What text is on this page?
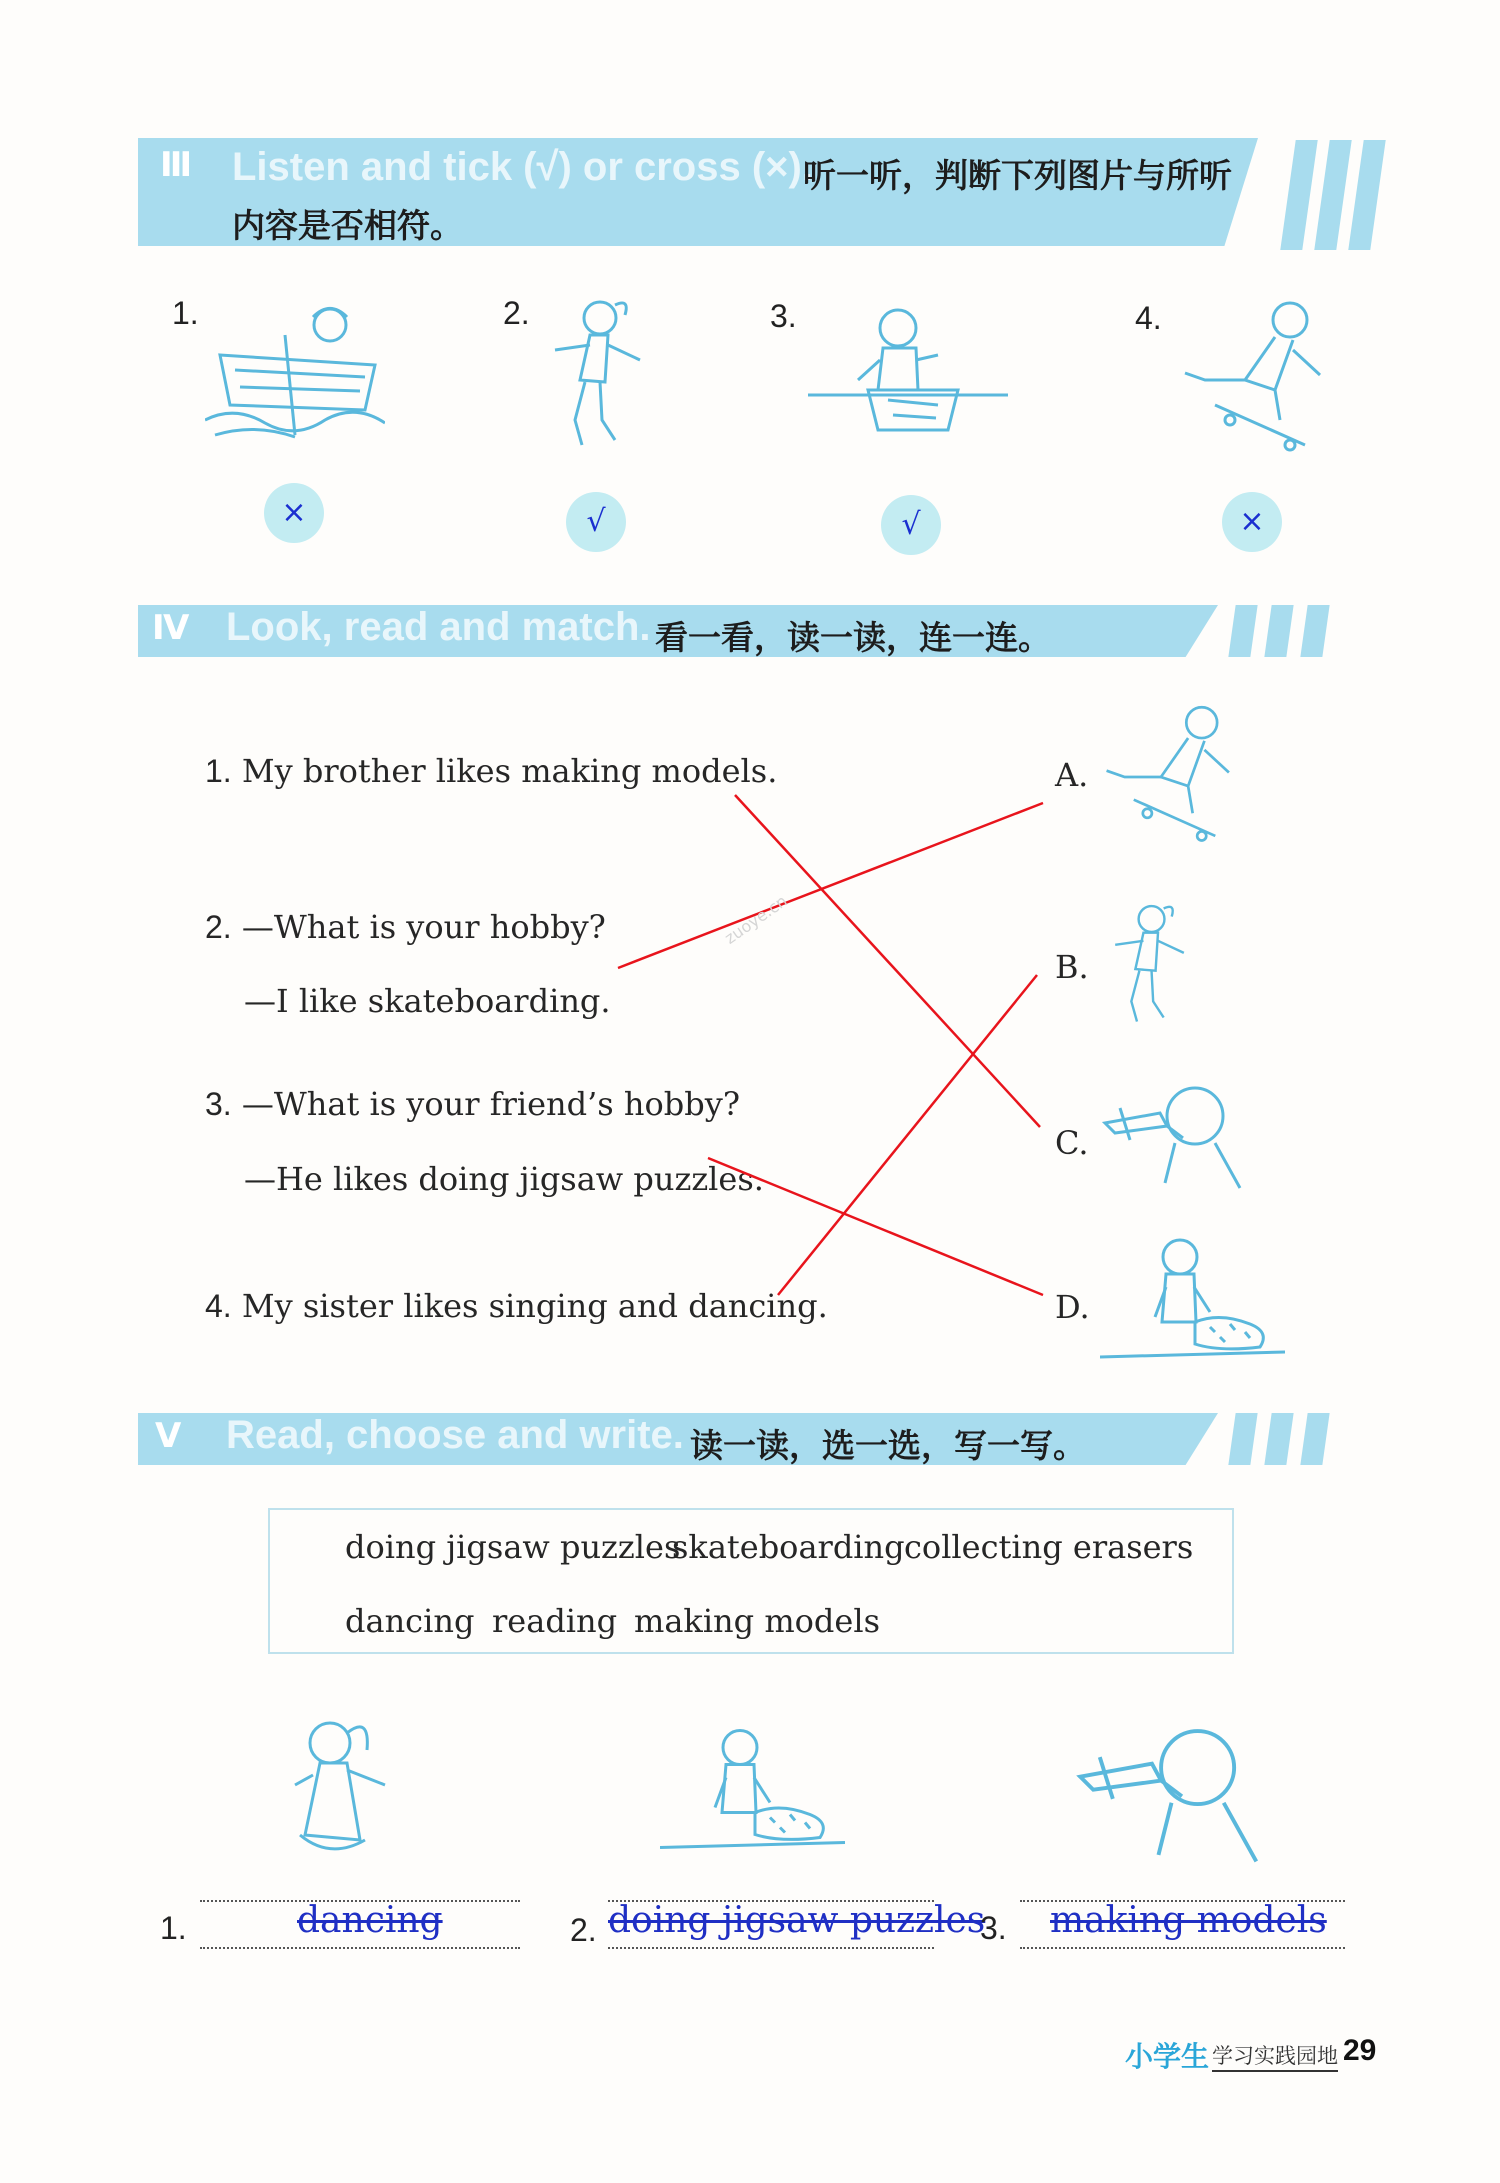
Ⅲ Listen and tick (√) or cross (×).
听一听，判断下列图片与所听
内容是否相符。
1.	2.	3.	4.
×	√	√	×
Ⅳ Look, read and match. 看一看，读一读，连一连。
1. My brother likes making models.
2. —What is your hobby?
—I like skateboarding.
3. —What is your friend’s hobby?
—He likes doing jigsaw puzzles.
4. My sister likes singing and dancing.
A.
B.
C.
D.
zuoye.cn
Ⅴ Read, choose and write. 读一读，选一选，写一写。
doing jigsaw puzzles
skateboarding collecting erasers
dancing reading making models
1.	dancing	2. doing jigsaw puzzles
3. making models
小学生 学习实践园地 29
